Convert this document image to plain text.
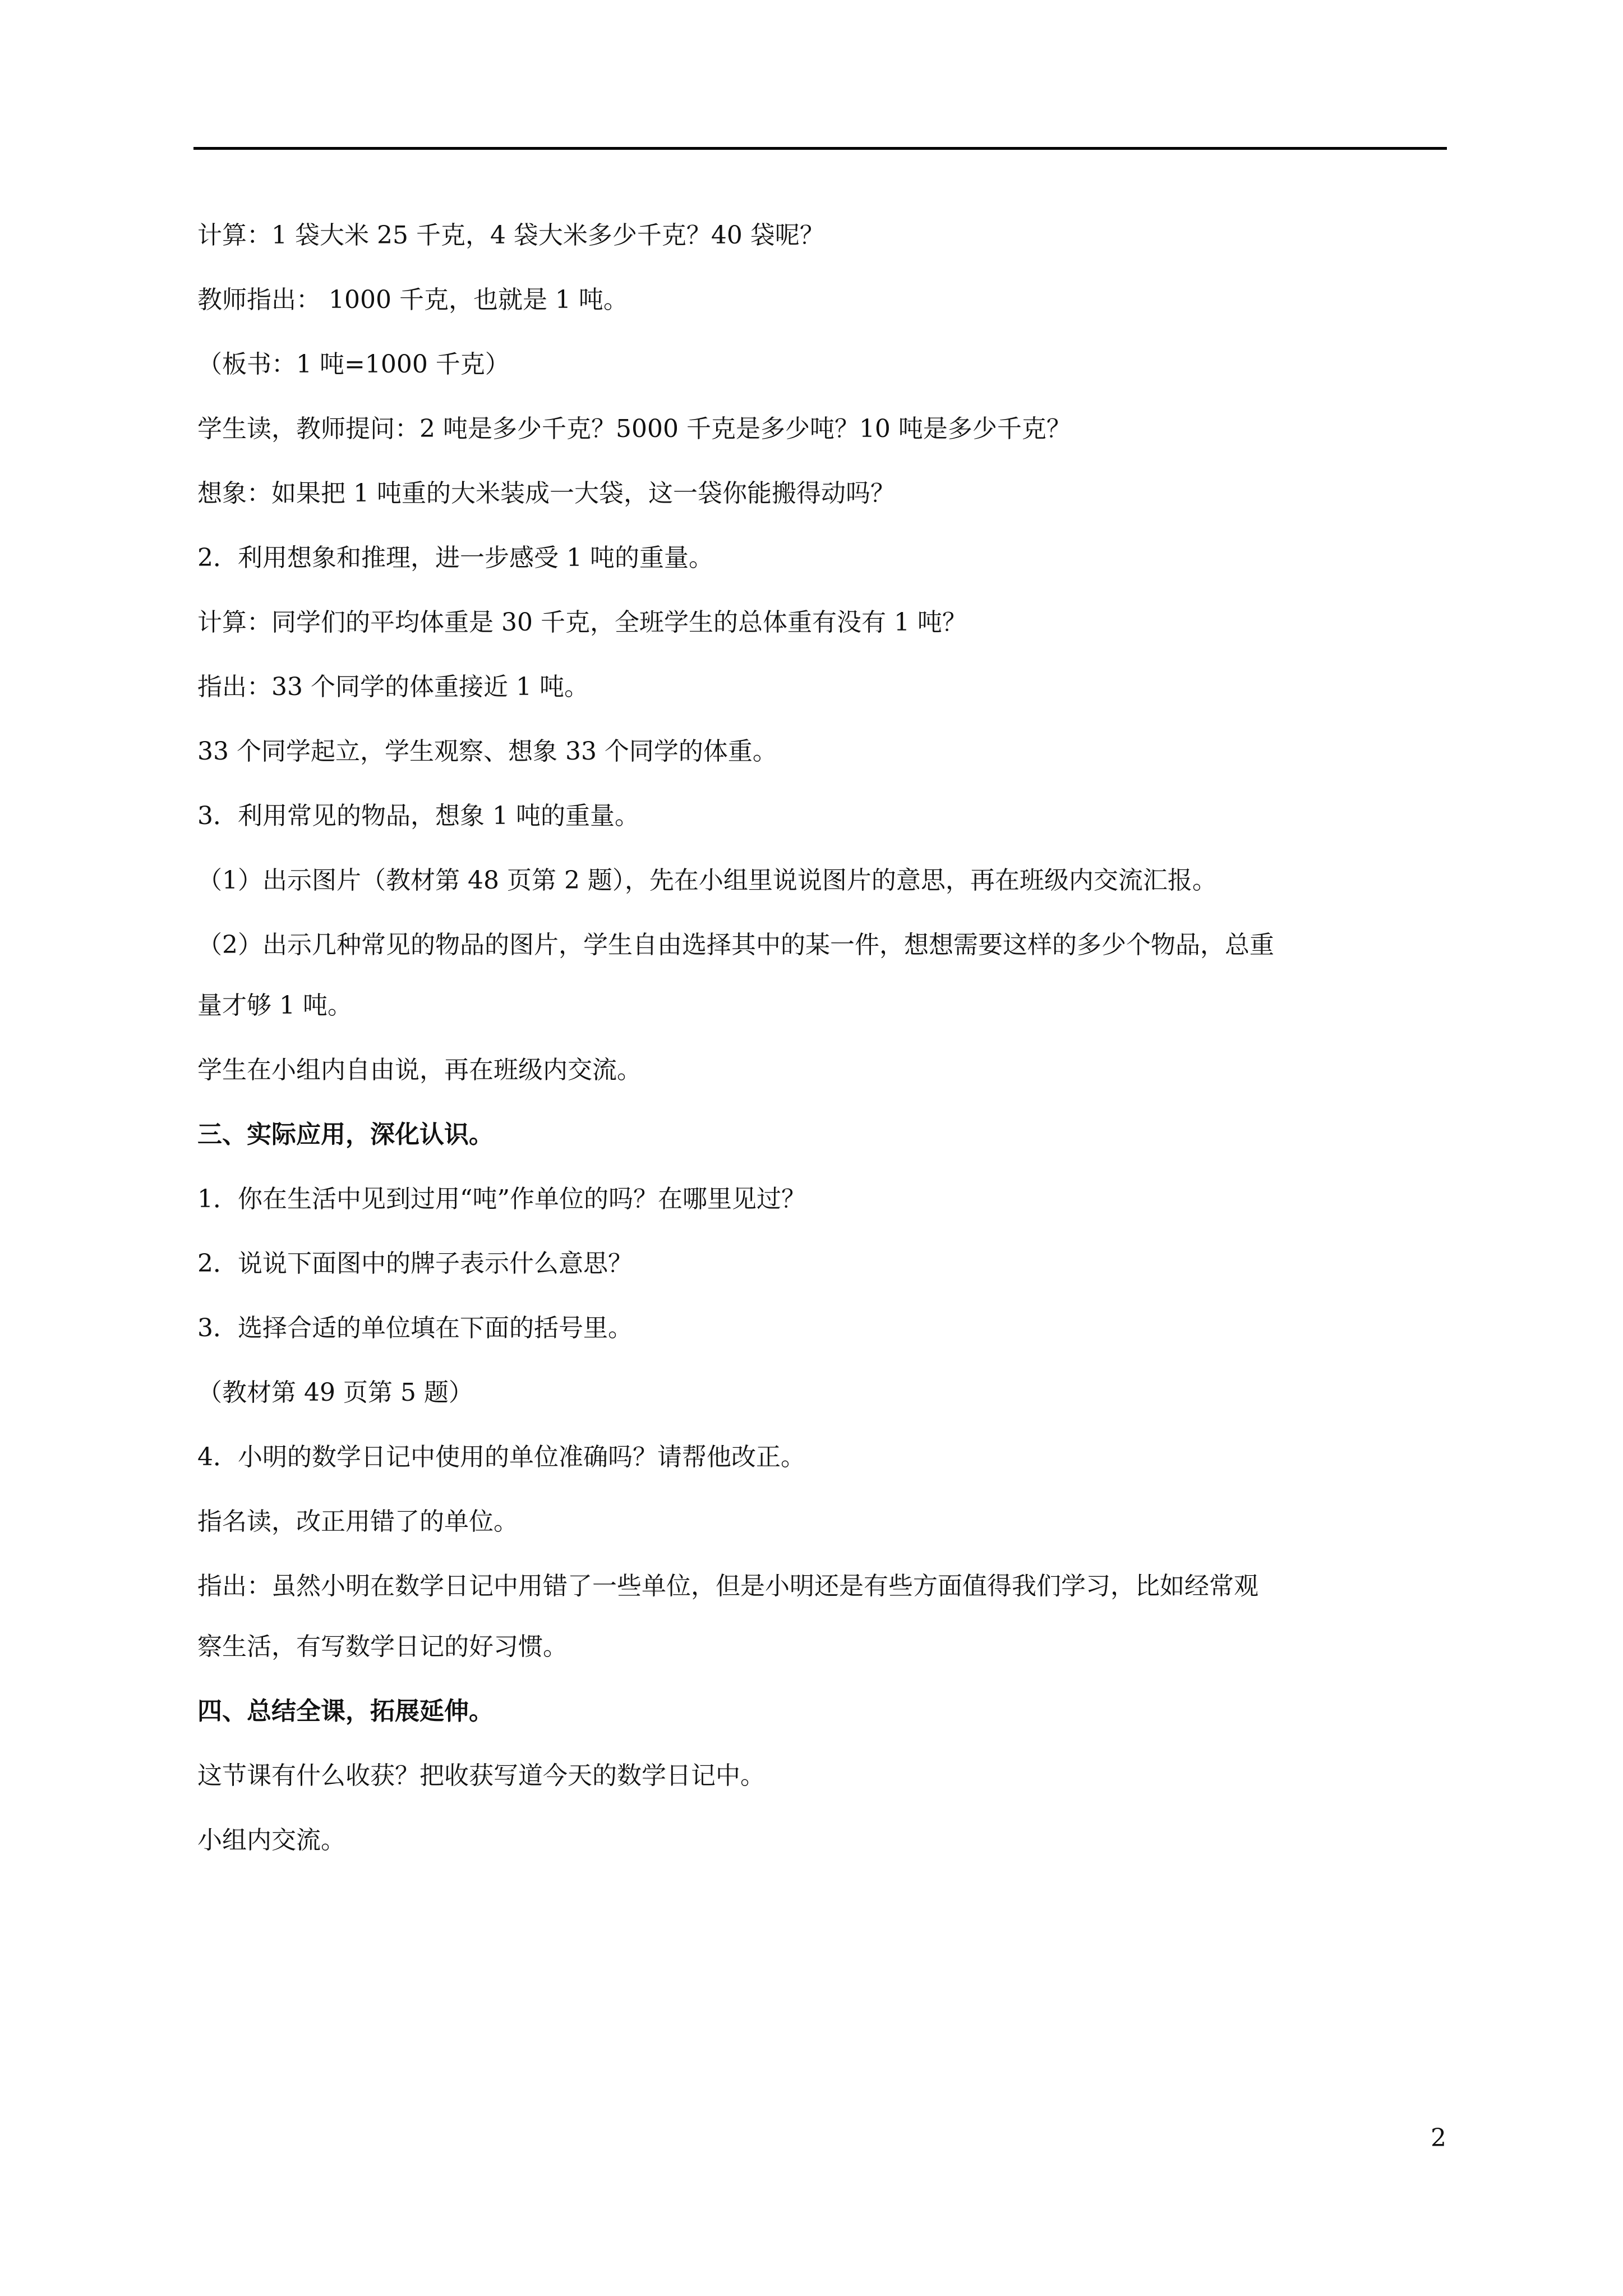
计算：1 袋大米 25 千克，4 袋大米多少千克？40 袋呢？

教师指出： 1000 千克，也就是 1 吨。

（板书：1 吨=1000 千克）

学生读，教师提问：2 吨是多少千克？5000 千克是多少吨？10 吨是多少千克？

想象：如果把 1 吨重的大米装成一大袋，这一袋你能搬得动吗？

2．利用想象和推理，进一步感受 1 吨的重量。

计算：同学们的平均体重是 30 千克，全班学生的总体重有没有 1 吨？

指出：33 个同学的体重接近 1 吨。

33 个同学起立，学生观察、想象 33 个同学的体重。

3．利用常见的物品，想象 1 吨的重量。

（1）出示图片（教材第 48 页第 2 题），先在小组里说说图片的意思，再在班级内交流汇报。

（2）出示几种常见的物品的图片，学生自由选择其中的某一件，想想需要这样的多少个物品，总重

量才够 1 吨。

学生在小组内自由说，再在班级内交流。

三、实际应用，深化认识。

1．你在生活中见到过用“吨”作单位的吗？在哪里见过？

2．说说下面图中的牌子表示什么意思？

3．选择合适的单位填在下面的括号里。

（教材第 49 页第 5 题）

4．小明的数学日记中使用的单位准确吗？请帮他改正。

指名读，改正用错了的单位。

指出：虽然小明在数学日记中用错了一些单位，但是小明还是有些方面值得我们学习，比如经常观

察生活，有写数学日记的好习惯。

四、总结全课，拓展延伸。

这节课有什么收获？把收获写道今天的数学日记中。

小组内交流。

2
